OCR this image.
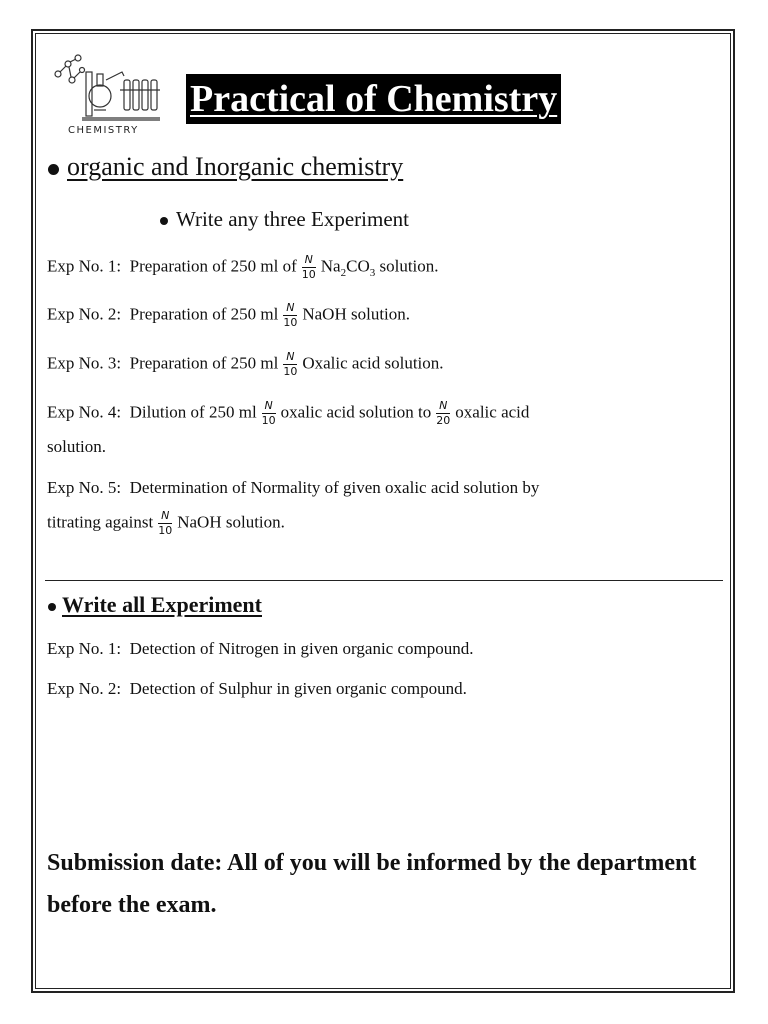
CHEMISTRY
Practical of Chemistry
organic and Inorganic chemistry
Write any three Experiment
Exp No. 1: Preparation of 250 ml of $\frac{N}{10} Na_2CO_3$ solution.
Exp No. 2: Preparation of 250 ml $\frac{N}{10}$ NaOH solution.
Exp No. 3: Preparation of 250 ml $\frac{N}{10}$ Oxalic acid solution.
Exp No. 4: Dilution of 250 ml $\frac{N}{10}$ oxalic acid solution to $\frac{N}{20}$ oxalic acid
solution.
Exp No. 5: Determination of Normality of given oxalic acid solution by
titrating against $\frac{N}{10}$ NaOH solution.
Write all Experiment
Exp No. 1: Detection of Nitrogen in given organic compound.
Exp No. 2: Detection of Sulphur in given organic compound.
Submission date: All of you will be informed by the department before the exam.
